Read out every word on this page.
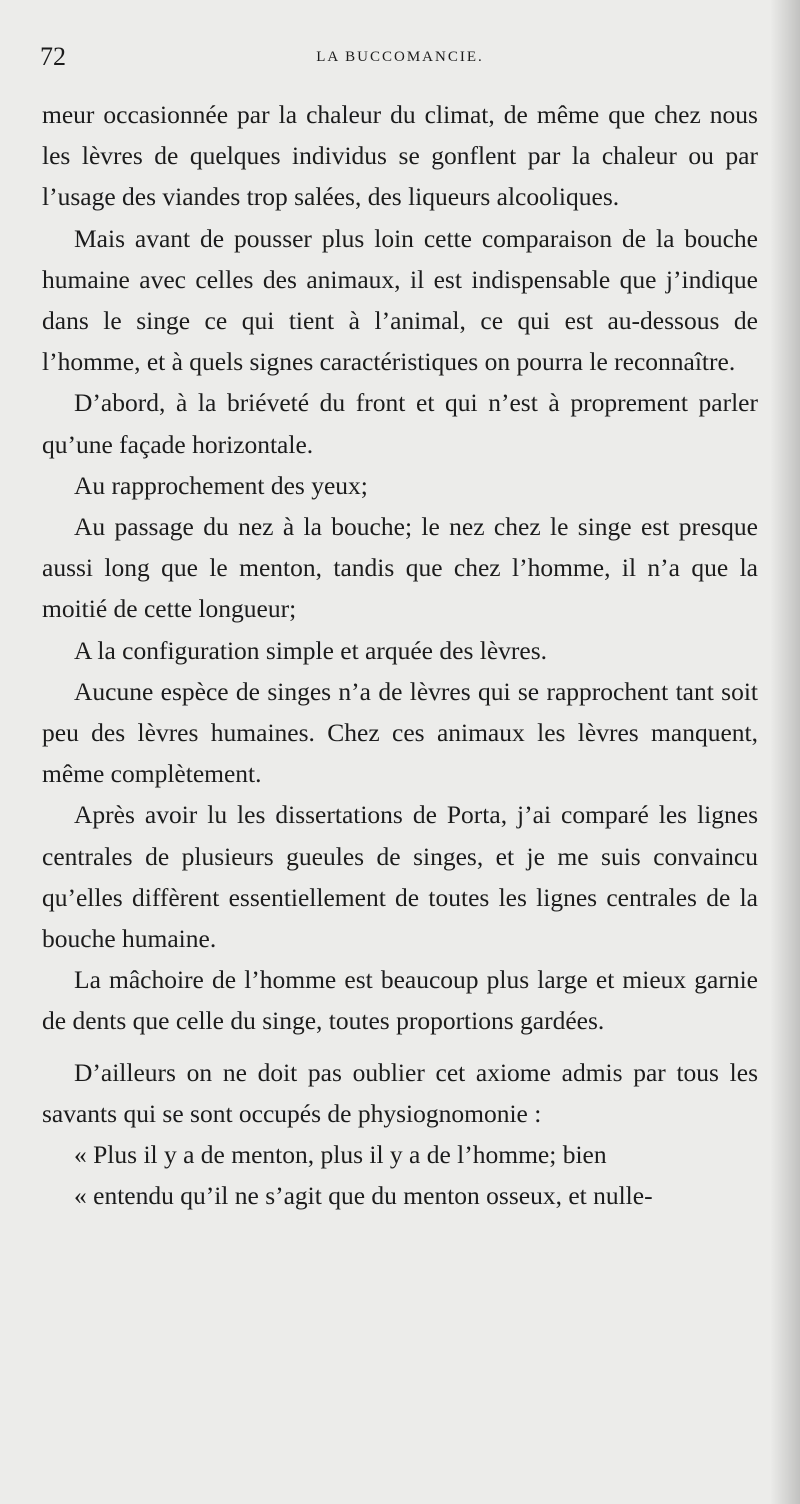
72	LA BUCCOMANCIE.

meur occasionnée par la chaleur du climat, de même que chez nous les lèvres de quelques individus se gonflent par la chaleur ou par l’usage des viandes trop salées, des liqueurs alcooliques.

Mais avant de pousser plus loin cette comparaison de la bouche humaine avec celles des animaux, il est indispensable que j’indique dans le singe ce qui tient à l’animal, ce qui est au-dessous de l’homme, et à quels signes caractéristiques on pourra le reconnaître.

D’abord, à la briéveté du front et qui n’est à proprement parler qu’une façade horizontale.

Au rapprochement des yeux;

Au passage du nez à la bouche; le nez chez le singe est presque aussi long que le menton, tandis que chez l’homme, il n’a que la moitié de cette longueur;

A la configuration simple et arquée des lèvres.

Aucune espèce de singes n’a de lèvres qui se rapprochent tant soit peu des lèvres humaines. Chez ces animaux les lèvres manquent, même complètement.

Après avoir lu les dissertations de Porta, j’ai comparé les lignes centrales de plusieurs gueules de singes, et je me suis convaincu qu’elles diffèrent essentiellement de toutes les lignes centrales de la bouche humaine.

La mâchoire de l’homme est beaucoup plus large et mieux garnie de dents que celle du singe, toutes proportions gardées.

D’ailleurs on ne doit pas oublier cet axiome admis par tous les savants qui se sont occupés de physiognomonie :

« Plus il y a de menton, plus il y a de l’homme; bien
« entendu qu’il ne s’agit que du menton osseux, et nulle-
